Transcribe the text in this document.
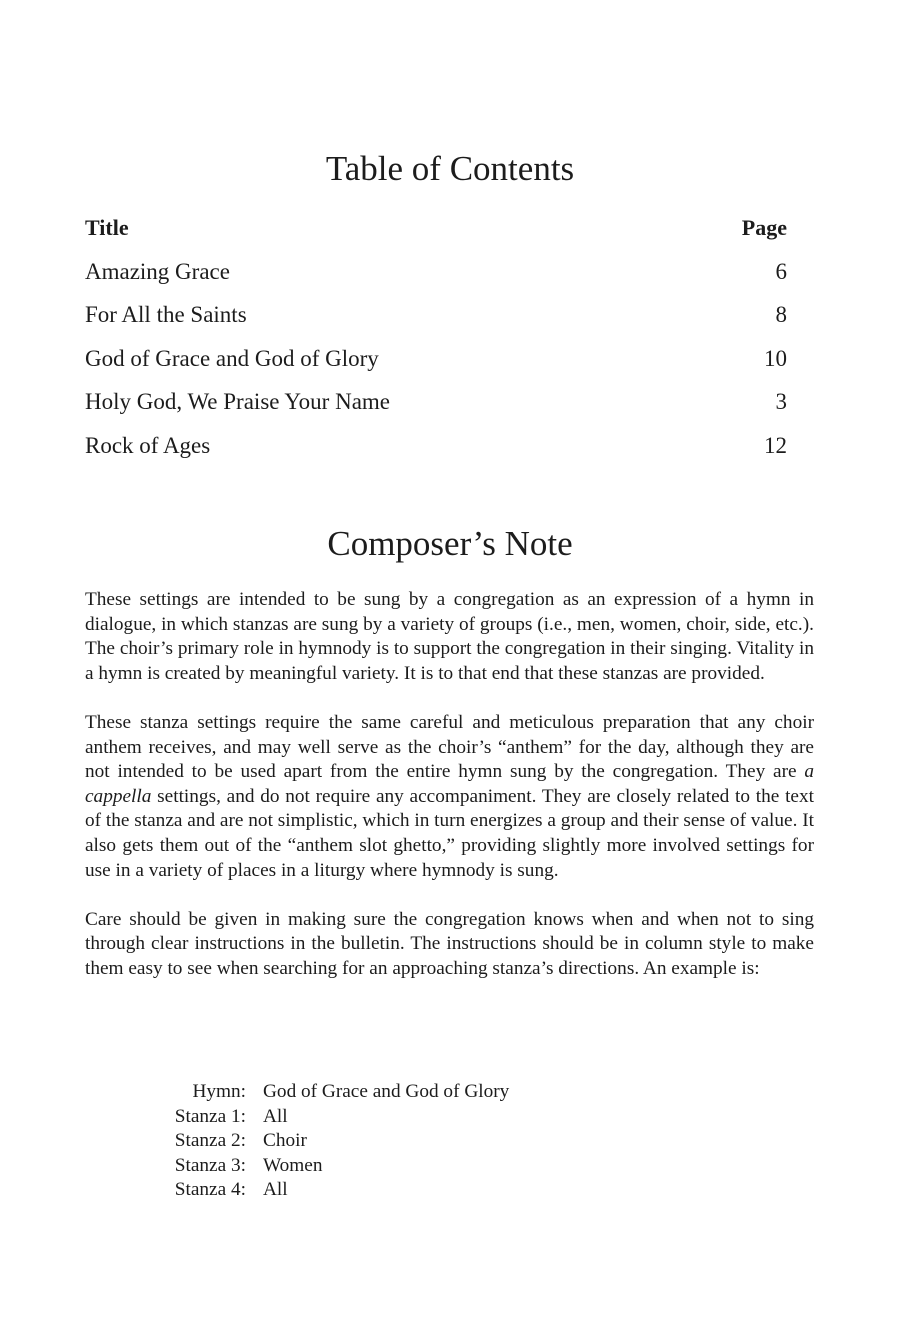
Table of Contents
Title	Page
Amazing Grace	6
For All the Saints	8
God of Grace and God of Glory	10
Holy God, We Praise Your Name	3
Rock of Ages	12
Composer’s Note

These settings are intended to be sung by a congregation as an expression of a hymn in dialogue, in which stanzas are sung by a variety of groups (i.e., men, women, choir, side, etc.). The choir’s primary role in hymnody is to support the congregation in their singing. Vitality in a hymn is created by meaningful variety. It is to that end that these stanzas are provided.

These stanza settings require the same careful and meticulous preparation that any choir anthem receives, and may well serve as the choir’s “anthem” for the day, although they are not intended to be used apart from the entire hymn sung by the congregation. They are a cappella settings, and do not require any accompaniment. They are closely related to the text of the stanza and are not simplistic, which in turn energizes a group and their sense of value. It also gets them out of the “anthem slot ghetto,” providing slightly more involved settings for use in a variety of places in a liturgy where hymnody is sung.

Care should be given in making sure the congregation knows when and when not to sing through clear instructions in the bulletin. The instructions should be in column style to make them easy to see when searching for an approaching stanza’s directions. An example is:

Hymn: God of Grace and God of Glory
Stanza 1: All
Stanza 2: Choir
Stanza 3: Women
Stanza 4: All
